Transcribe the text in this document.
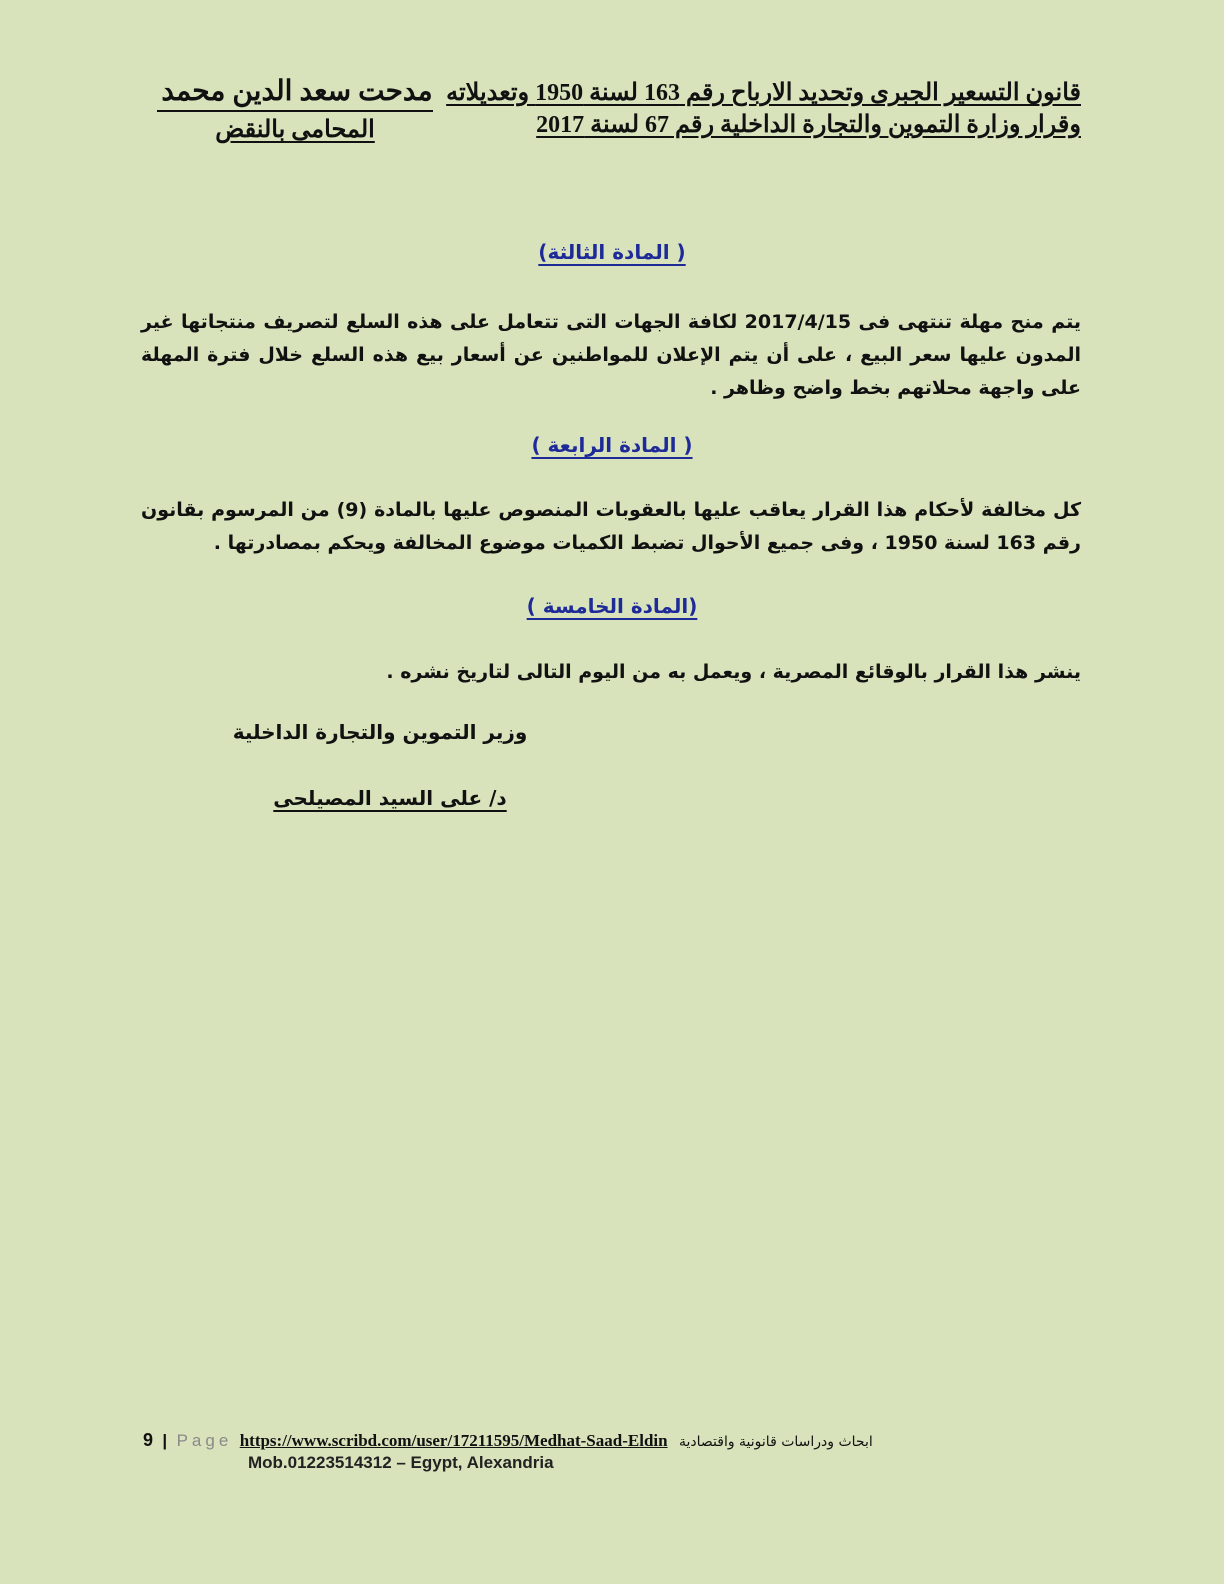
قانون التسعير الجبرى وتحديد الارباح رقم 163 لسنة 1950 وتعديلاته
وقرار وزارة التموين والتجارة الداخلية رقم 67 لسنة 2017
مدحت سعد الدين محمد
المحامى بالنقض
( المادة الثالثة)
يتم منح مهلة تنتهى فى 2017/4/15 لكافة الجهات التى تتعامل على هذه السلع لتصريف منتجاتها غير المدون عليها سعر البيع ، على أن يتم الإعلان للمواطنين عن أسعار بيع هذه السلع خلال فترة المهلة على واجهة محلاتهم بخط واضح وظاهر .
( المادة الرابعة )
كل مخالفة لأحكام هذا القرار يعاقب عليها بالعقوبات المنصوص عليها بالمادة (9) من المرسوم بقانون رقم 163 لسنة 1950 ، وفى جميع الأحوال تضبط الكميات موضوع المخالفة ويحكم بمصادرتها .
(المادة الخامسة )
ينشر هذا القرار بالوقائع المصرية ، ويعمل به من اليوم التالى لتاريخ نشره .
وزير التموين والتجارة الداخلية
د/ على السيد المصيلحى
9 | Page https://www.scribd.com/user/17211595/Medhat-Saad-Eldin ابحاث ودراسات قانونية واقتصادية
Mob.01223514312 – Egypt, Alexandria
